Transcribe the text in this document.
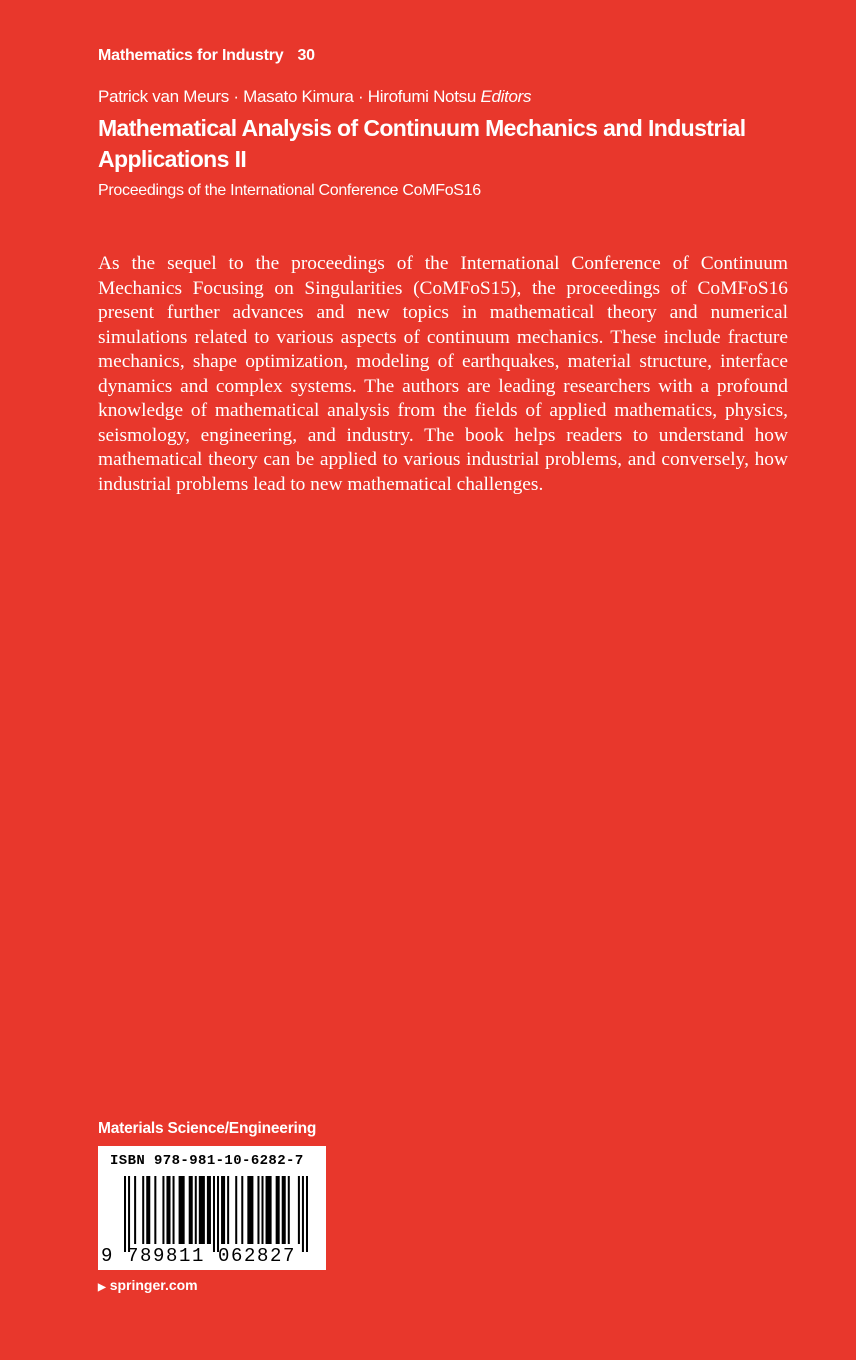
Mathematics for Industry 30
Patrick van Meurs · Masato Kimura · Hirofumi Notsu Editors
Mathematical Analysis of Continuum Mechanics and Industrial Applications II
Proceedings of the International Conference CoMFoS16
As the sequel to the proceedings of the International Conference of Continuum Mechanics Focusing on Singularities (CoMFoS15), the proceedings of CoMFoS16 present further advances and new topics in mathematical theory and numerical simulations related to various aspects of continuum mechanics. These include fracture mechanics, shape optimization, modeling of earthquakes, material structure, interface dynamics and complex systems. The authors are leading researchers with a profound knowledge of mathematical analysis from the fields of applied mathematics, physics, seismology, engineering, and industry. The book helps readers to understand how mathematical theory can be applied to various industrial problems, and conversely, how industrial problems lead to new mathematical challenges.
Materials Science/Engineering
ISBN 978-981-10-6282-7
9 789811 062827
▶ springer.com
